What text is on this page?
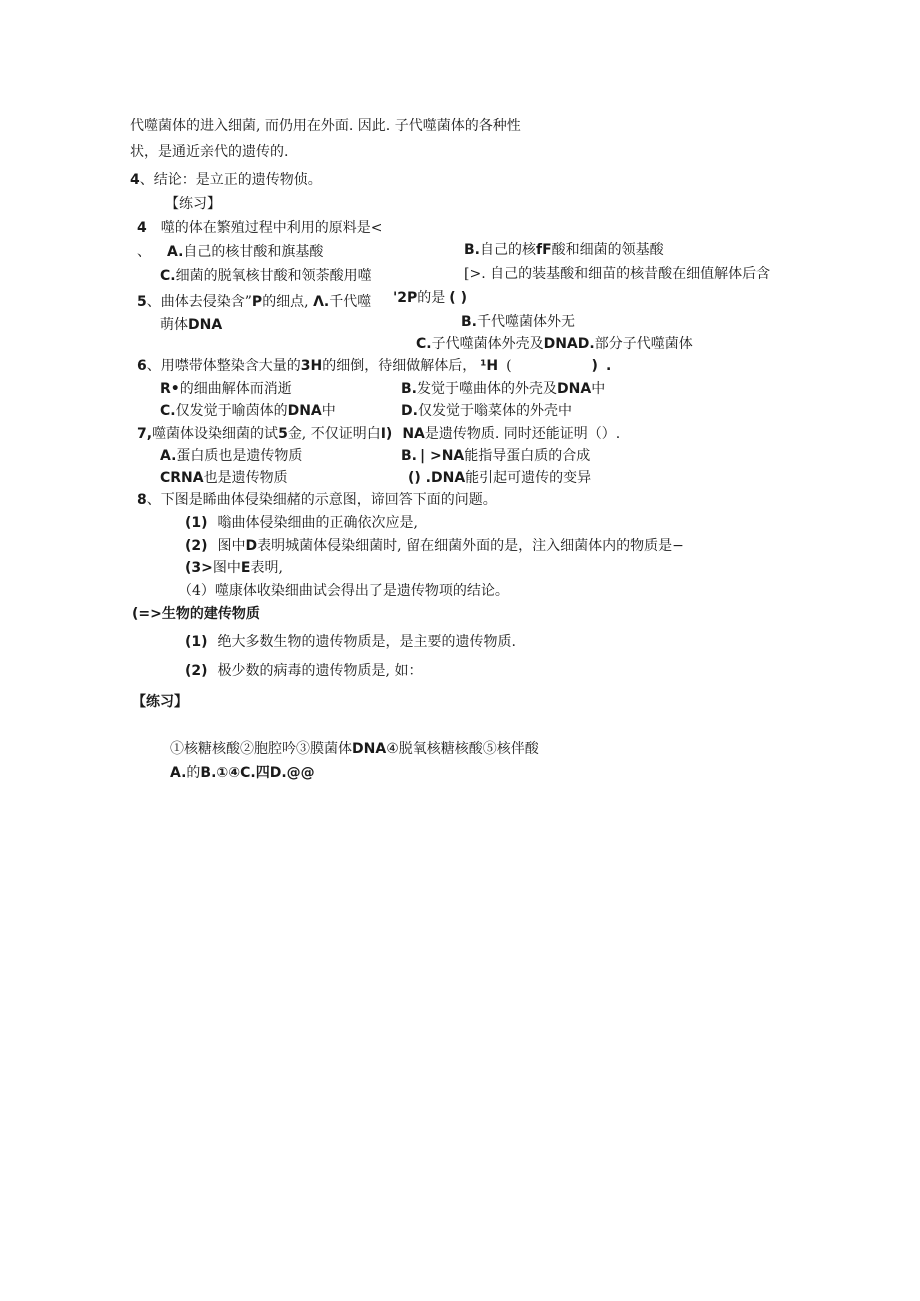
代噬菌体的进入细菌, 而仍用在外面. 因此. 子代噬菌体的各种性
状，是通近亲代的遗传的.
4、结论：是立正的遗传物侦。
【练习】
4 噬的体在繁殖过程中利用的原料是<
、 A.自己的核甘酸和旗基酸	B.自己的核fF酸和细菌的领基酸
C.细菌的脱氧核甘酸和领荼酸用噬	[>. 自己的装基酸和细苗的核昔酸在细值解体后含
5、曲体去侵染含”P的细点, Λ.千代噬 '2P的是 ( )
萌体DNA	B.千代噬菌体外无
C.子代噬菌体外壳及DNAD.部分子代噬菌体
6、用噤带体整染含大量的3H的细倒，待细做解体后， ¹H (	) .
R•的细曲解体而消逝	B.发觉于噬曲体的外壳及DNA中
C.仅发觉于喻茵体的DNA中	D.仅发觉于嗡菜体的外壳中
7,噬菌体设染细菌的试5金, 不仅证明白I) NA是遗传物质. 同时还能证明（）.
A.蛋白质也是遗传物质	B. | >NA能指导蛋白质的合成
CRNA也是遗传物质	() .DNA能引起可遗传的变异
8、下图是睎曲体侵染细赭的示意图，谛回答下面的问题。
(1) 嗡曲体侵染细曲的正确依次应是,
(2) 图中D表明城菌体侵染细菌时, 留在细菌外面的是，注入细菌体内的物质是−
(3>图中E表明,
（4）噬康体收染细曲试会得出了是遗传物项的结论。
(=>生物的建传物质
(1) 绝大多数生物的遗传物质是，是主要的遗传物质.
(2) 极少数的病毒的遗传物质是, 如：
【练习】
①核糖核酸②胞腔吟③膜菌体DNA④脱氧核糖核酸⑤核伴酸
A.的B.①④C.四D.@@
